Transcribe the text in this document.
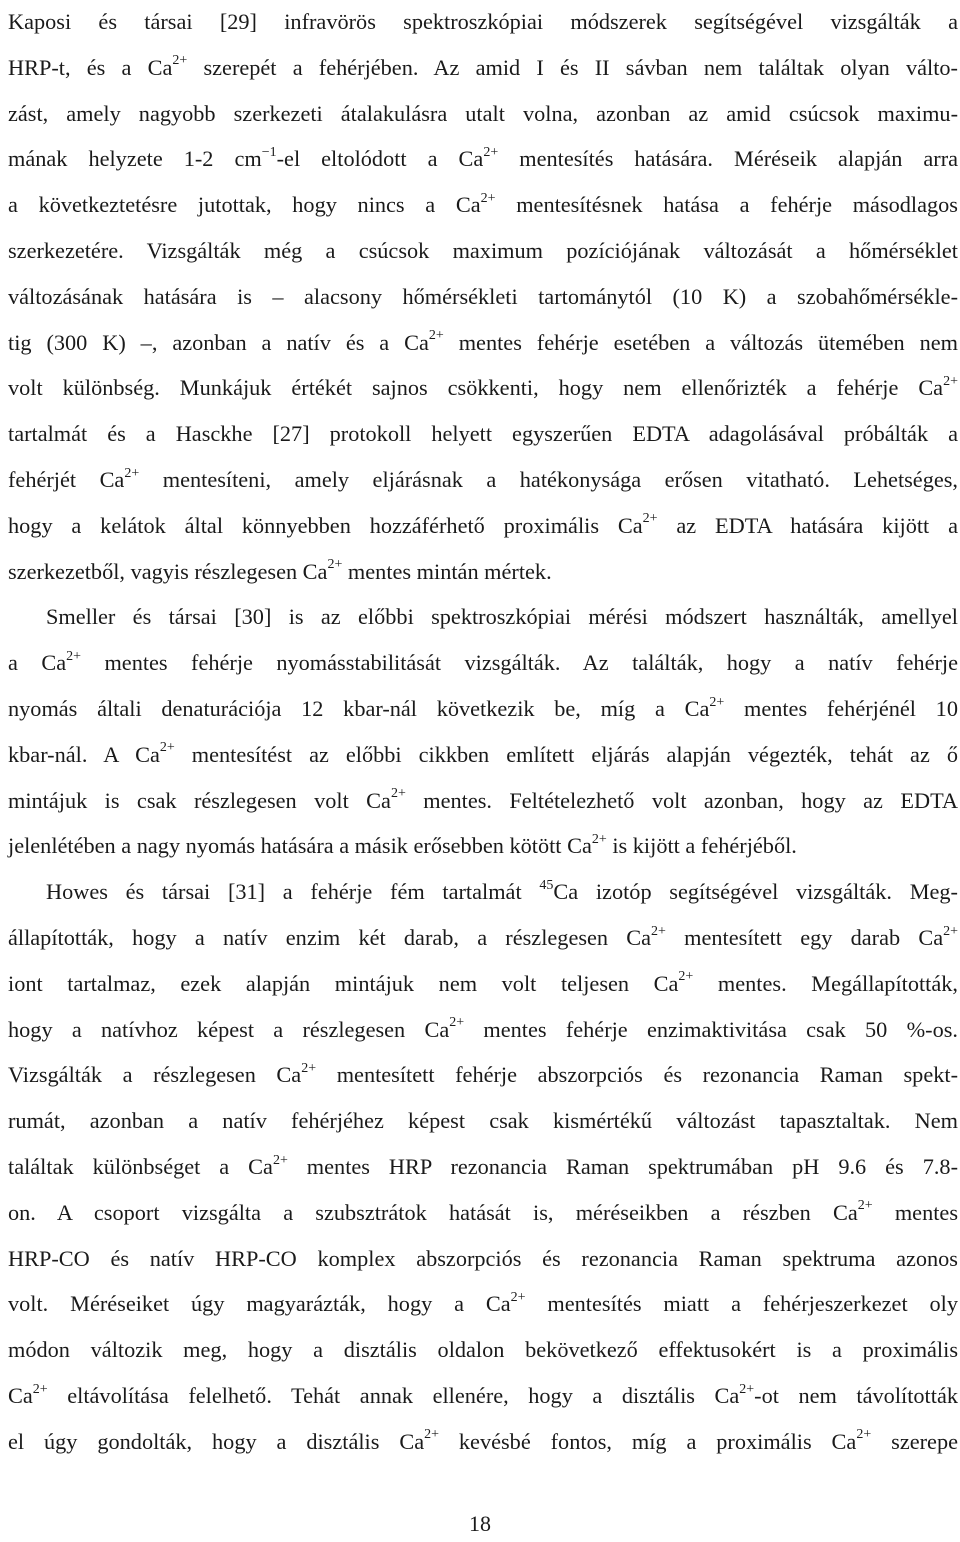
Kaposi és társai [29] infravörös spektroszkópiai módszerek segítségével vizsgálták a
HRP-t, és a $Ca^{2+}$ szerepét a fehérjében. Az amid I és II sávban nem találtak olyan válto-
zást, amely nagyobb szerkezeti átalakulásra utalt volna, azonban az amid csúcsok maximu-
mának helyzete 1-2 $cm^{-1}-el$ eltolódott a $Ca^{2+}$ mentesítés hatására. Méréseik alapján arra
a következtetésre jutottak, hogy nincs a $Ca^{2+}$ mentesítésnek hatása a fehérje másodlagos
szerkezetére. Vizsgálták még a csúcsok maximum pozíciójának változását a hőmérséklet
változásának hatására is – alacsony hőmérsékleti tartománytól (10 K) a szobahőmérsékle-
tig (300 K) –, azonban a natív és a $Ca^{2+}$ mentes fehérje esetében a változás ütemében nem
volt különbség. Munkájuk értékét sajnos csökkenti, hogy nem ellenőrizték a fehérje $Ca^{2+}$
tartalmát és a Hasckhe [27] protokoll helyett egyszerűen EDTA adagolásával próbálták a
fehérjét $Ca^{2+}$ mentesíteni, amely eljárásnak a hatékonysága erősen vitatható. Lehetséges,
hogy a kelátok által könnyebben hozzáférhető proximális $Ca^{2+}$ az EDTA hatására kijött a
szerkezetből, vagyis részlegesen $Ca^{2+}$ mentes mintán mértek.
Smeller és társai [30] is az előbbi spektroszkópiai mérési módszert használták, amellyel
a $Ca^{2+}$ mentes fehérje nyomásstabilitását vizsgálták. Az találták, hogy a natív fehérje
nyomás általi denaturációja 12 kbar-nál következik be, míg a $Ca^{2+}$ mentes fehérjénél 10
kbar-nál. A $Ca^{2+}$ mentesítést az előbbi cikkben említett eljárás alapján végezték, tehát az ő
mintájuk is csak részlegesen volt $Ca^{2+}$ mentes. Feltételezhető volt azonban, hogy az EDTA
jelenlétében a nagy nyomás hatására a másik erősebben kötött $Ca^{2+}$ is kijött a fehérjéből.
Howes és társai [31] a fehérje fém tartalmát $^{45}$Ca izotóp segítségével vizsgálták. Meg-
állapították, hogy a natív enzim két darab, a részlegesen $Ca^{2+}$ mentesített egy darab $Ca^{2+}$
iont tartalmaz, ezek alapján mintájuk nem volt teljesen $Ca^{2+}$ mentes. Megállapították,
hogy a natívhoz képest a részlegesen $Ca^{2+}$ mentes fehérje enzimaktivitása csak 50 %-os.
Vizsgálták a részlegesen $Ca^{2+}$ mentesített fehérje abszorpciós és rezonancia Raman spekt-
rumát, azonban a natív fehérjéhez képest csak kismértékű változást tapasztaltak. Nem
találtak különbséget a $Ca^{2+}$ mentes HRP rezonancia Raman spektrumában pH 9.6 és 7.8-
on. A csoport vizsgálta a szubsztrátok hatását is, méréseikben a részben $Ca^{2+}$ mentes
HRP-CO és natív HRP-CO komplex abszorpciós és rezonancia Raman spektruma azonos
volt. Méréseiket úgy magyarázták, hogy a $Ca^{2+}$ mentesítés miatt a fehérjeszerkezet oly
módon változik meg, hogy a disztális oldalon bekövetkező effektusokért is a proximális
$Ca^{2+}$ eltávolítása felelhető. Tehát annak ellenére, hogy a disztális $Ca^{2+}-ot$ nem távolították
el úgy gondolták, hogy a disztális $Ca^{2+}$ kevésbé fontos, míg a proximális $Ca^{2+}$ szerepe
18
